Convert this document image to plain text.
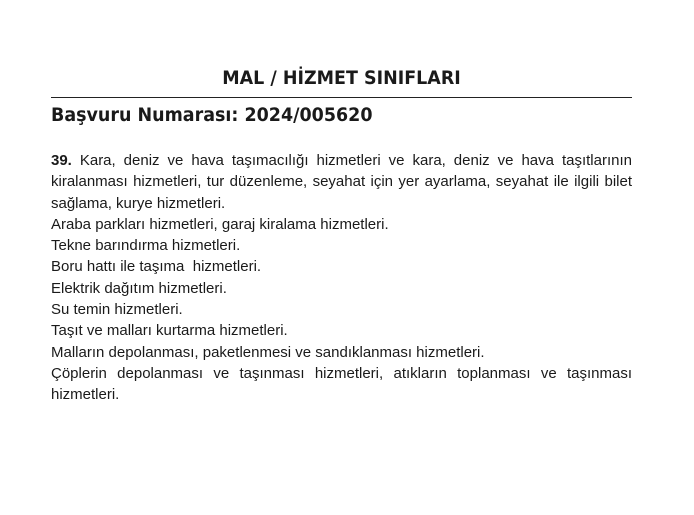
MAL / HİZMET SINIFLARI
Başvuru Numarası: 2024/005620

39. Kara, deniz ve hava taşımacılığı hizmetleri ve kara, deniz ve hava taşıtlarının kiralanması hizmetleri, tur düzenleme, seyahat için yer ayarlama, seyahat ile ilgili bilet sağlama, kurye hizmetleri.

Araba parkları hizmetleri, garaj kiralama hizmetleri.
Tekne barındırma hizmetleri.
Boru hattı ile taşıma  hizmetleri.
Elektrik dağıtım hizmetleri.
Su temin hizmetleri.
Taşıt ve malları kurtarma hizmetleri.
Malların depolanması, paketlenmesi ve sandıklanması hizmetleri.

Çöplerin depolanması ve taşınması hizmetleri, atıkların toplanması ve taşınması hizmetleri.
